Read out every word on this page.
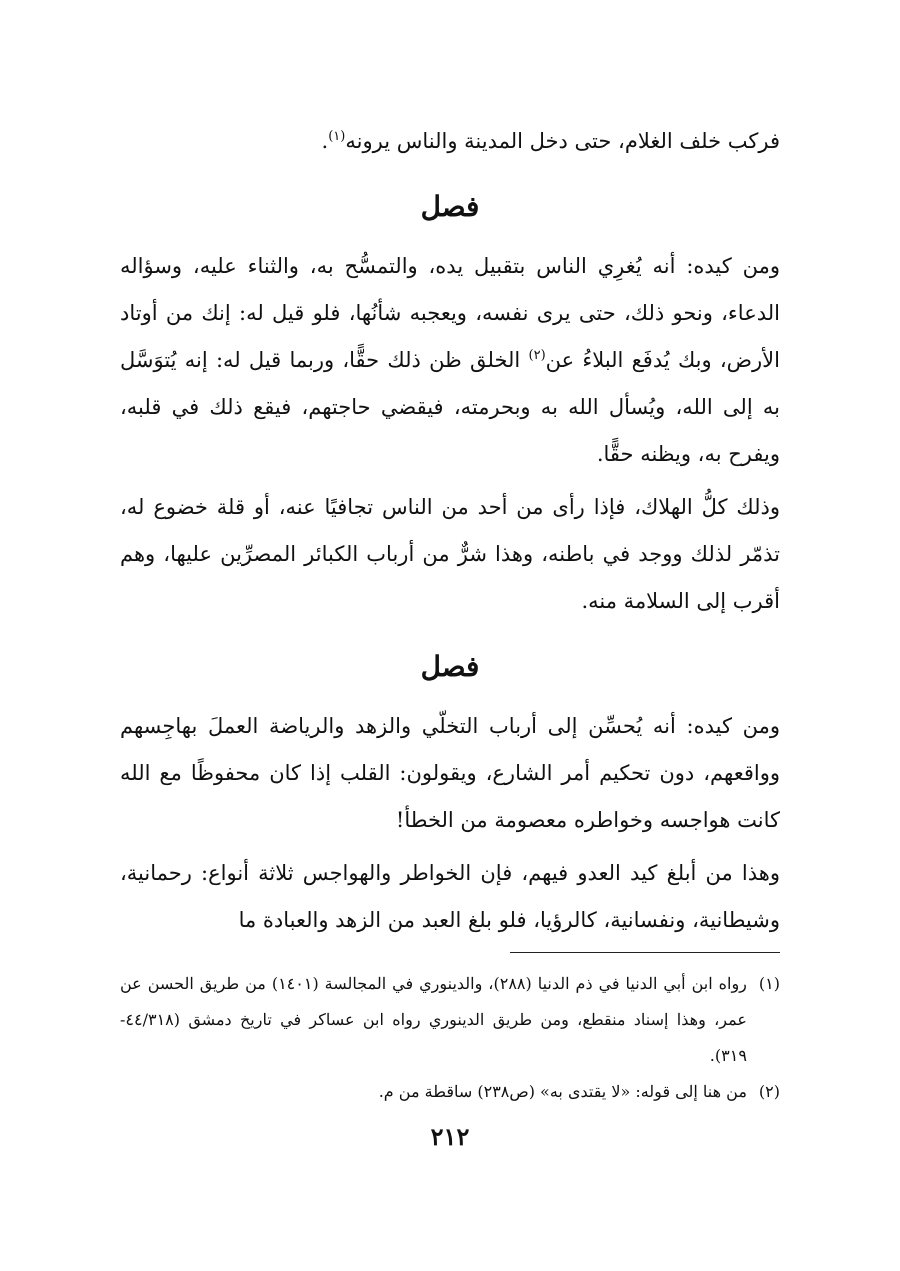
فركب خلف الغلام، حتى دخل المدينة والناس يرونه$^{(١)}$.

فصل

ومن كيده: أنه يُغرِي الناس بتقبيل يده، والتمسُّح به، والثناء عليه، وسؤاله الدعاء، ونحو ذلك، حتى يرى نفسه، ويعجبه شأنُها، فلو قيل له: إنك من أوتاد الأرض، وبك يُدفَع البلاءُ عن$^{(٢)}$ الخلق ظن ذلك حقًّا، وربما قيل له: إنه يُتوَسَّل به إلى الله، ويُسأل الله به وبحرمته، فيقضي حاجتهم، فيقع ذلك في قلبه، ويفرح به، ويظنه حقًّا.

وذلك كلُّ الهلاك، فإذا رأى من أحد من الناس تجافيًا عنه، أو قلة خضوع له، تذمّر لذلك ووجد في باطنه، وهذا شرٌّ من أرباب الكبائر المصرِّين عليها، وهم أقرب إلى السلامة منه.

فصل

ومن كيده: أنه يُحسِّن إلى أرباب التخلّي والزهد والرياضة العملَ بهاجِسهم وواقعهم، دون تحكيم أمر الشارع، ويقولون: القلب إذا كان محفوظًا مع الله كانت هواجسه وخواطره معصومة من الخطأ!

وهذا من أبلغ كيد العدو فيهم، فإن الخواطر والهواجس ثلاثة أنواع: رحمانية، وشيطانية، ونفسانية، كالرؤيا، فلو بلغ العبد من الزهد والعبادة ما

(١)
رواه ابن أبي الدنيا في ذم الدنيا (٢٨٨)، والدينوري في المجالسة (١٤٠١) من طريق الحسن عن عمر، وهذا إسناد منقطع، ومن طريق الدينوري رواه ابن عساكر في تاريخ دمشق (٤٤/٣١٨- ٣١٩).
(٢)
من هنا إلى قوله: «لا يقتدى به» (ص٢٣٨) ساقطة من م.
٢١٢
